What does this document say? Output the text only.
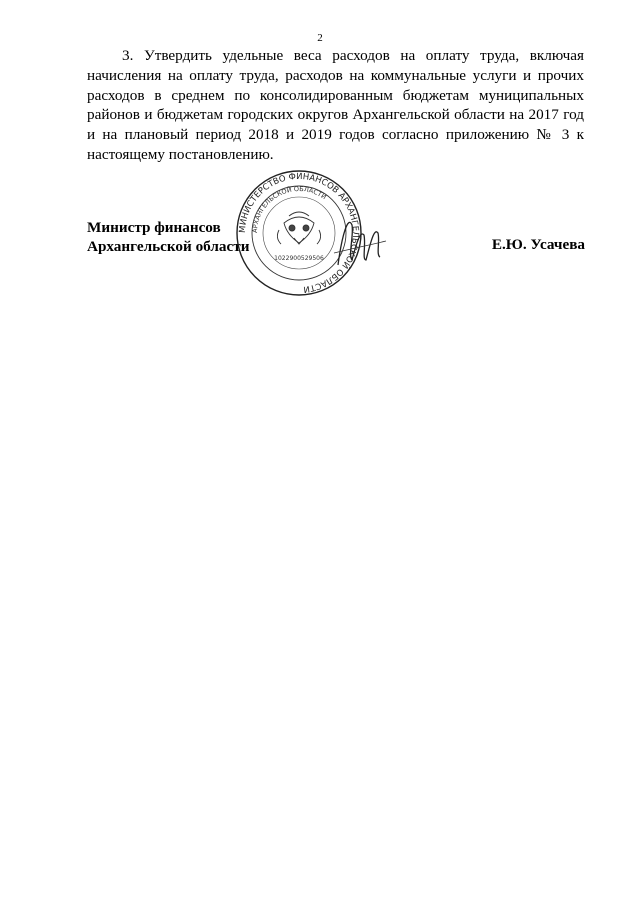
2
3. Утвердить удельные веса расходов на оплату труда, включая
начисления на оплату труда, расходов на коммунальные услуги и прочих
расходов в среднем по консолидированным бюджетам муниципальных
районов и бюджетам городских округов Архангельской области на 2017 год
и на плановый период 2018 и 2019 годов согласно приложению № 3 к
настоящему постановлению.
Министр финансов
Архангельской области
МИНИСТЕРСТВО ФИНАНСОВ АРХАНГЕЛЬСКОЙ ОБЛАСТИ
АРХАНГЕЛЬСКОЙ ОБЛАСТИ
1022900529506
Е.Ю. Усачева
